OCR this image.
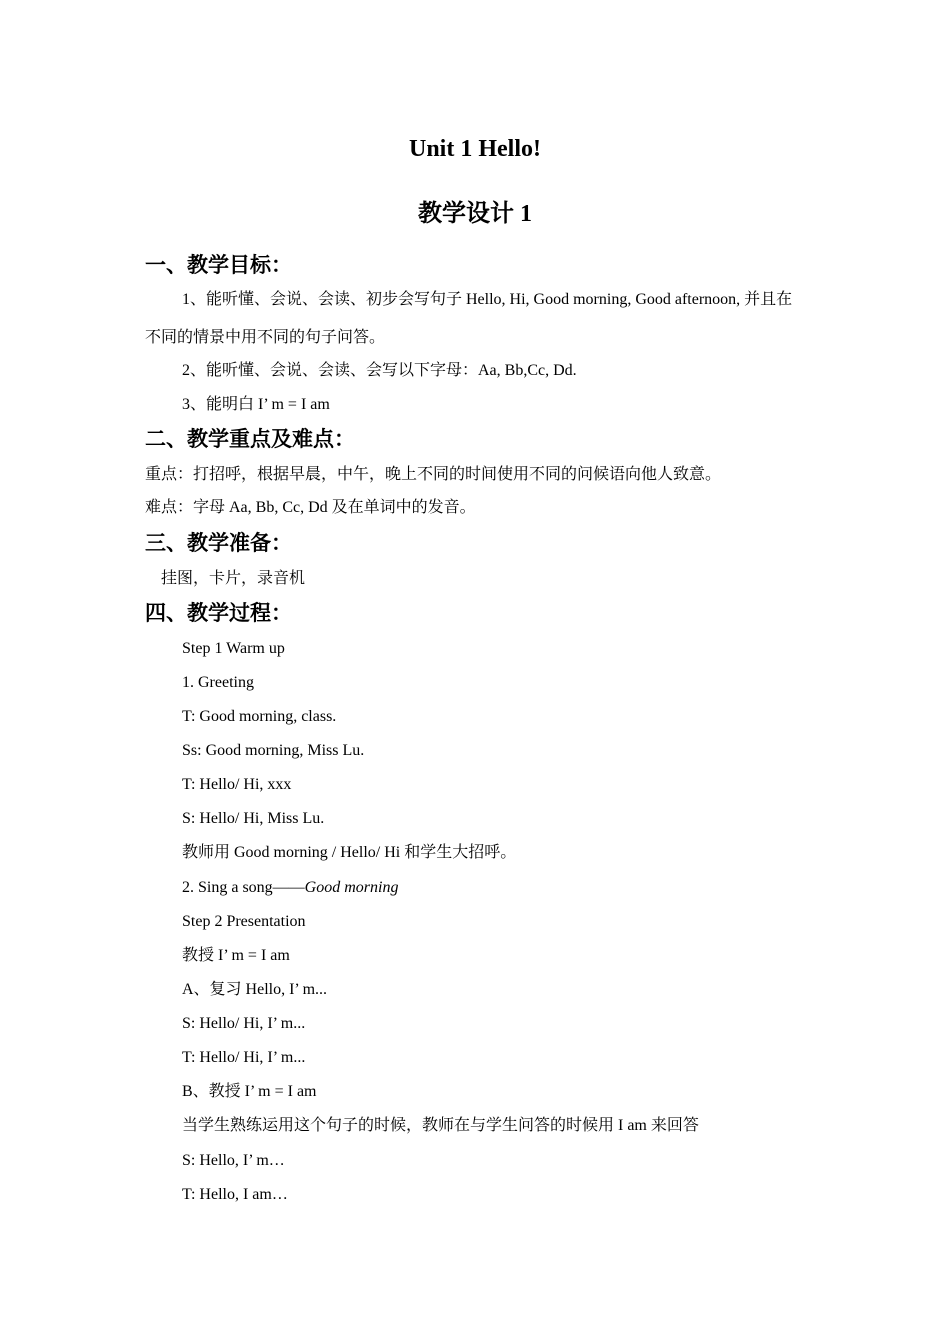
Unit 1 Hello!
教学设计 1
一、教学目标：
1、能听懂、会说、会读、初步会写句子 Hello, Hi, Good morning, Good afternoon, 并且在
不同的情景中用不同的句子问答。
2、能听懂、会说、会读、会写以下字母：Aa, Bb,Cc, Dd.
3、能明白 I’ m = I am
二、教学重点及难点：
重点：打招呼，根据早晨，中午，晚上不同的时间使用不同的问候语向他人致意。
难点：字母 Aa, Bb, Cc, Dd 及在单词中的发音。
三、教学准备：
挂图，卡片，录音机
四、教学过程：
Step 1 Warm up
1. Greeting
T: Good morning, class.
Ss: Good morning, Miss Lu.
T: Hello/ Hi, xxx
S: Hello/ Hi, Miss Lu.
教师用 Good morning / Hello/ Hi 和学生大招呼。
2. Sing a song——Good morning
Step 2 Presentation
教授 I’ m = I am
A、复习 Hello, I’ m...
S: Hello/ Hi, I’ m...
T: Hello/ Hi, I’ m...
B、教授 I’ m = I am
当学生熟练运用这个句子的时候，教师在与学生问答的时候用 I am 来回答
S: Hello, I’ m…
T: Hello, I am…
